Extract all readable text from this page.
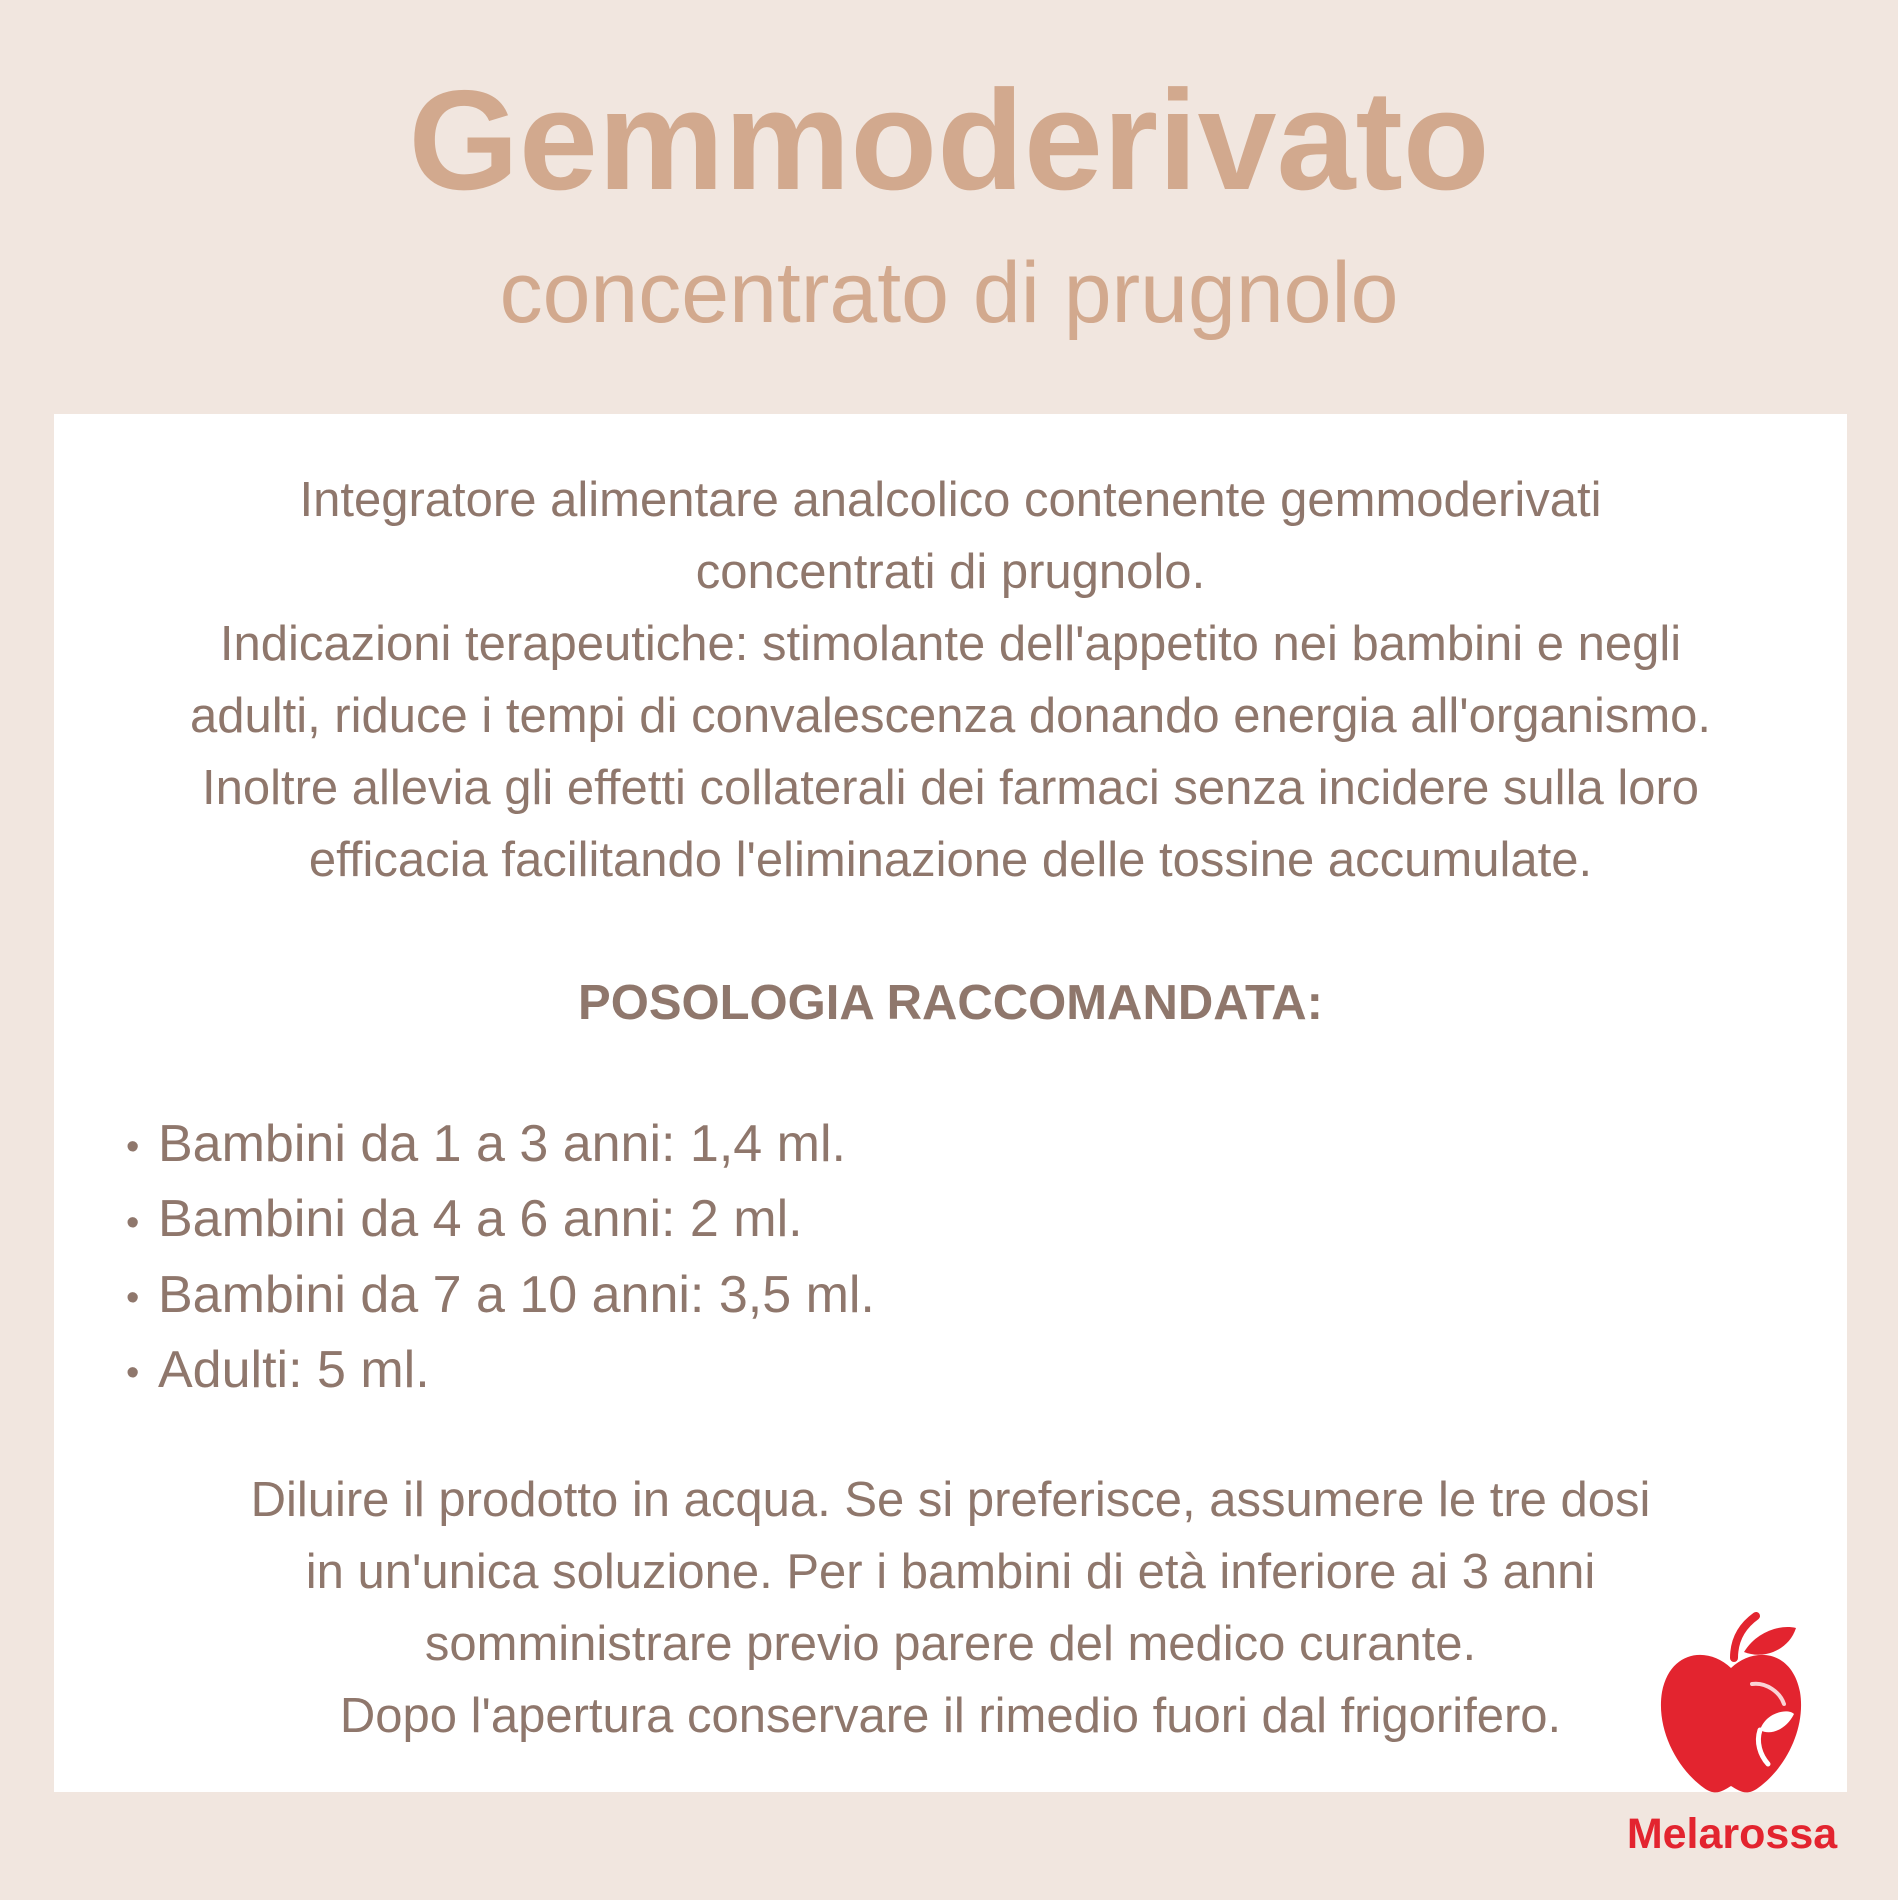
Gemmoderivato
concentrato di prugnolo
Integratore alimentare analcolico contenente gemmoderivati
concentrati di prugnolo.
Indicazioni terapeutiche: stimolante dell'appetito nei bambini e negli
adulti, riduce i tempi di convalescenza donando energia all'organismo.
Inoltre allevia gli effetti collaterali dei farmaci senza incidere sulla loro
efficacia facilitando l'eliminazione delle tossine accumulate.
POSOLOGIA RACCOMANDATA:
• Bambini da 1 a 3 anni: 1,4 ml.
• Bambini da 4 a 6 anni: 2 ml.
• Bambini da 7 a 10 anni: 3,5 ml.
• Adulti: 5 ml.
Diluire il prodotto in acqua. Se si preferisce, assumere le tre dosi
in un'unica soluzione. Per i bambini di età inferiore ai 3 anni
somministrare previo parere del medico curante.
Dopo l'apertura conservare il rimedio fuori dal frigorifero.
Melarossa
